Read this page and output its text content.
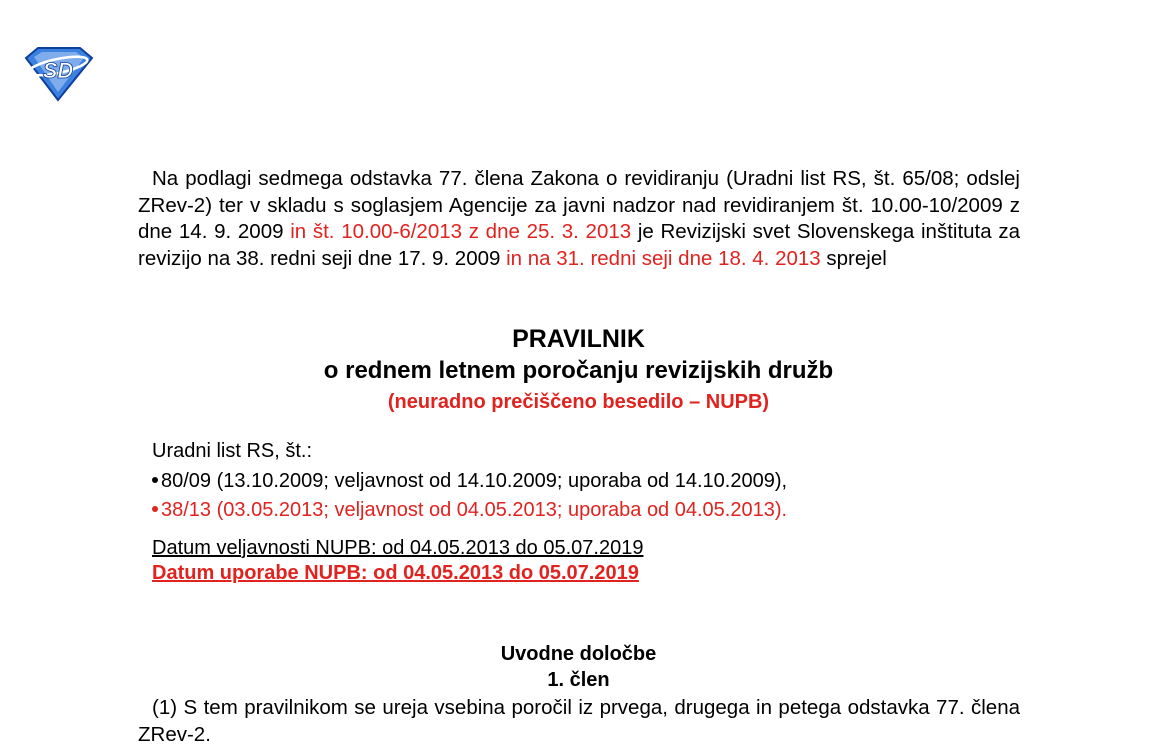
SD
Na podlagi sedmega odstavka 77. člena Zakona o revidiranju (Uradni list RS, št. 65/08; odslej ZRev-2) ter v skladu s soglasjem Agencije za javni nadzor nad revidiranjem št. 10.00-10/2009 z dne 14. 9. 2009 in št. 10.00-6/2013 z dne 25. 3. 2013 je Revizijski svet Slovenskega inštituta za revizijo na 38. redni seji dne 17. 9. 2009 in na 31. redni seji dne 18. 4. 2013 sprejel
PRAVILNIK
o rednem letnem poročanju revizijskih družb
(neuradno prečiščeno besedilo – NUPB)
Uradni list RS, št.:
80/09 (13.10.2009; veljavnost od 14.10.2009; uporaba od 14.10.2009),
38/13 (03.05.2013; veljavnost od 04.05.2013; uporaba od 04.05.2013).
Datum veljavnosti NUPB: od 04.05.2013 do 05.07.2019
Datum uporabe NUPB: od 04.05.2013 do 05.07.2019
Uvodne določbe
1. člen
(1) S tem pravilnikom se ureja vsebina poročil iz prvega, drugega in petega odstavka 77. člena ZRev-2.
